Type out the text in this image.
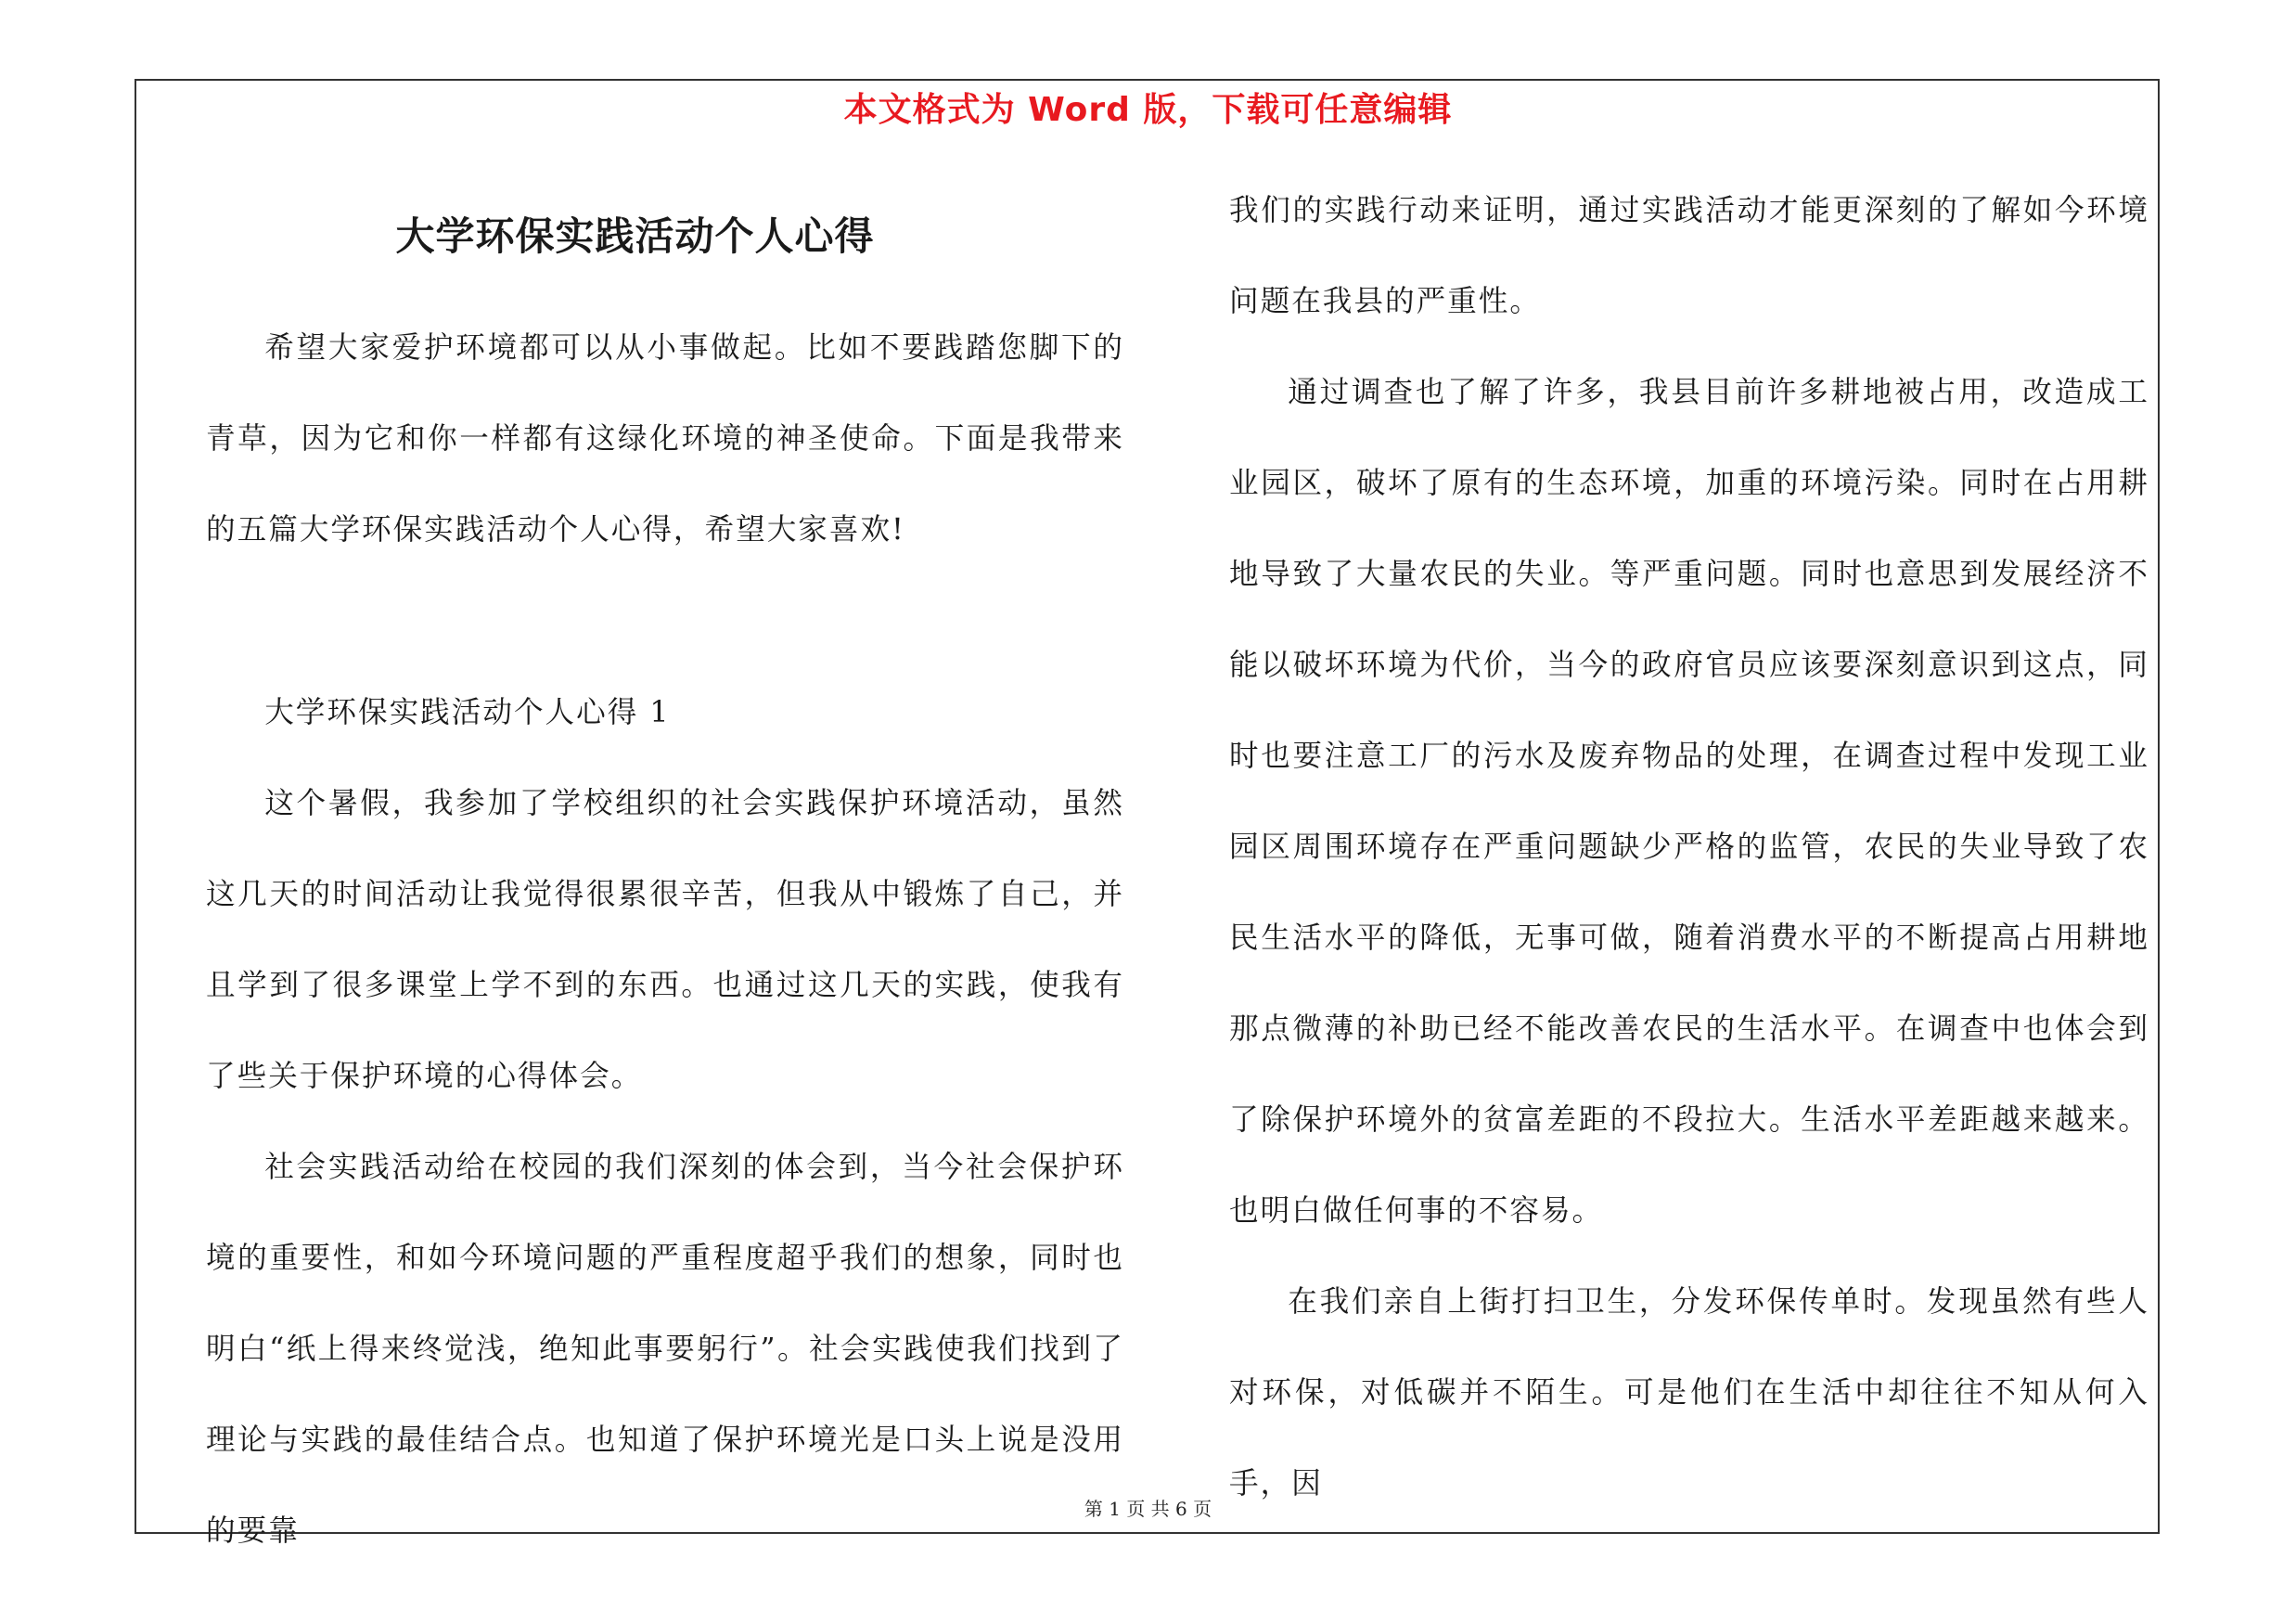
本文格式为 Word 版，下载可任意编辑
大学环保实践活动个人心得

希望大家爱护环境都可以从小事做起。比如不要践踏您脚下的青草，因为它和你一样都有这绿化环境的神圣使命。下面是我带来的五篇大学环保实践活动个人心得，希望大家喜欢!

大学环保实践活动个人心得 1

这个暑假，我参加了学校组织的社会实践保护环境活动，虽然这几天的时间活动让我觉得很累很辛苦，但我从中锻炼了自己，并且学到了很多课堂上学不到的东西。也通过这几天的实践，使我有了些关于保护环境的心得体会。

社会实践活动给在校园的我们深刻的体会到，当今社会保护环境的重要性，和如今环境问题的严重程度超乎我们的想象，同时也明白“纸上得来终觉浅，绝知此事要躬行”。社会实践使我们找到了理论与实践的最佳结合点。也知道了保护环境光是口头上说是没用的要靠

我们的实践行动来证明，通过实践活动才能更深刻的了解如今环境问题在我县的严重性。

通过调查也了解了许多，我县目前许多耕地被占用，改造成工业园区，破坏了原有的生态环境，加重的环境污染。同时在占用耕地导致了大量农民的失业。等严重问题。同时也意思到发展经济不能以破坏环境为代价，当今的政府官员应该要深刻意识到这点，同时也要注意工厂的污水及废弃物品的处理，在调查过程中发现工业园区周围环境存在严重问题缺少严格的监管，农民的失业导致了农民生活水平的降低，无事可做，随着消费水平的不断提高占用耕地那点微薄的补助已经不能改善农民的生活水平。在调查中也体会到了除保护环境外的贫富差距的不段拉大。生活水平差距越来越来。也明白做任何事的不容易。

在我们亲自上街打扫卫生，分发环保传单时。发现虽然有些人对环保，对低碳并不陌生。可是他们在生活中却往往不知从何入手，因

第 1 页 共 6 页
